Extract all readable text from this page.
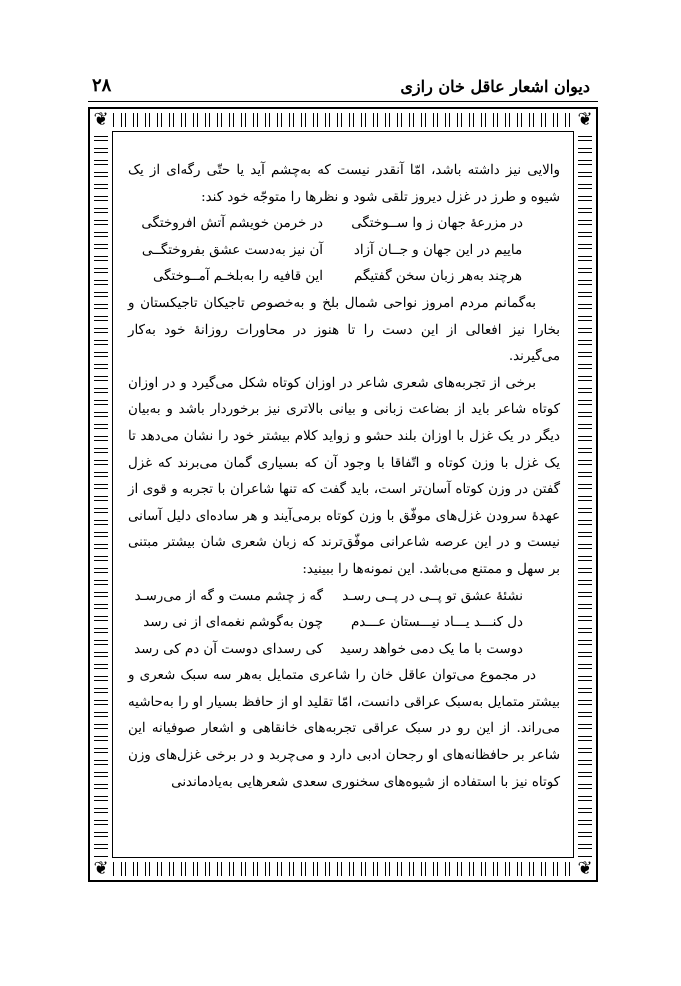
دیوان اشعار عاقل خان رازی
۲۸
❦	❦
❦	❦

والایی نیز داشته باشد، امّا آنقدر نیست که به‌چشم آید یا حتّی رگه‌ای از یک شیوه و طرز در غزل دیروز تلقی شود و نظرها را متوجّه خود کند:

در مزرعهٔ جهان ز وا ســوختگی
در خرمن خویشم آتش افروختگی
ماییم در این جهان و جــان آزاد
آن نیز به‌دست عشق بفروختگــی
هرچند به‌هر زبان سخن گفتیگم
این قافیه را به‌بلخـم آمــوختگی

به‌گمانم مردم امروز نواحی شمال بلخ و به‌خصوص تاجیکان تاجیکستان و بخارا نیز افعالی از این دست را تا هنوز در محاورات روزانهٔ خود به‌کار می‌گیرند.

برخی از تجربه‌های شعری شاعر در اوزان کوتاه شکل می‌گیرد و در اوزان کوتاه شاعر باید از بضاعت زبانی و بیانی بالاتری نیز برخوردار باشد و به‌بیان دیگر در یک غزل با اوزان بلند حشو و زواید کلام بیشتر خود را نشان می‌دهد تا یک غزل با وزن کوتاه و اتّفاقا با وجود آن که بسیاری گمان می‌برند که غزل گفتن در وزن کوتاه آسان‌تر است، باید گفت که تنها شاعران با تجربه و قوی از عهدهٔ سرودن غزل‌های موفّق با وزن کوتاه برمی‌آیند و هر ساده‌ای دلیل آسانی نیست و در این عرصه شاعرانی موفّق‌ترند که زبان شعری شان بیشتر مبتنی بر سهل و ممتنع می‌باشد. این نمونه‌ها را ببینید:

نشئهٔ عشق تو پــی در پــی رسـد
گه ز چشم مست و گه از می‌رسـد
دل کنـــد یـــاد نیـــستان عـــدم
چون به‌گوشم نغمه‌ای از نی رسد
دوست با ما یک دمی خواهد رسید
کی رسدای دوست آن دم کی رسد

در مجموع می‌توان عاقل خان را شاعری متمایل به‌هر سه سبک شعری و بیشتر متمایل به‌سبک عراقی دانست، امّا تقلید او از حافظ بسیار او را به‌حاشیه می‌راند. از این رو در سبک عراقی تجربه‌های خانقاهی و اشعار صوفیانه این شاعر بر حافظانه‌های او رجحان ادبی دارد و می‌چربد و در برخی غزل‌های وزن کوتاه نیز با استفاده از شیوه‌های سخنوری سعدی شعرهایی به‌یادماندنی
